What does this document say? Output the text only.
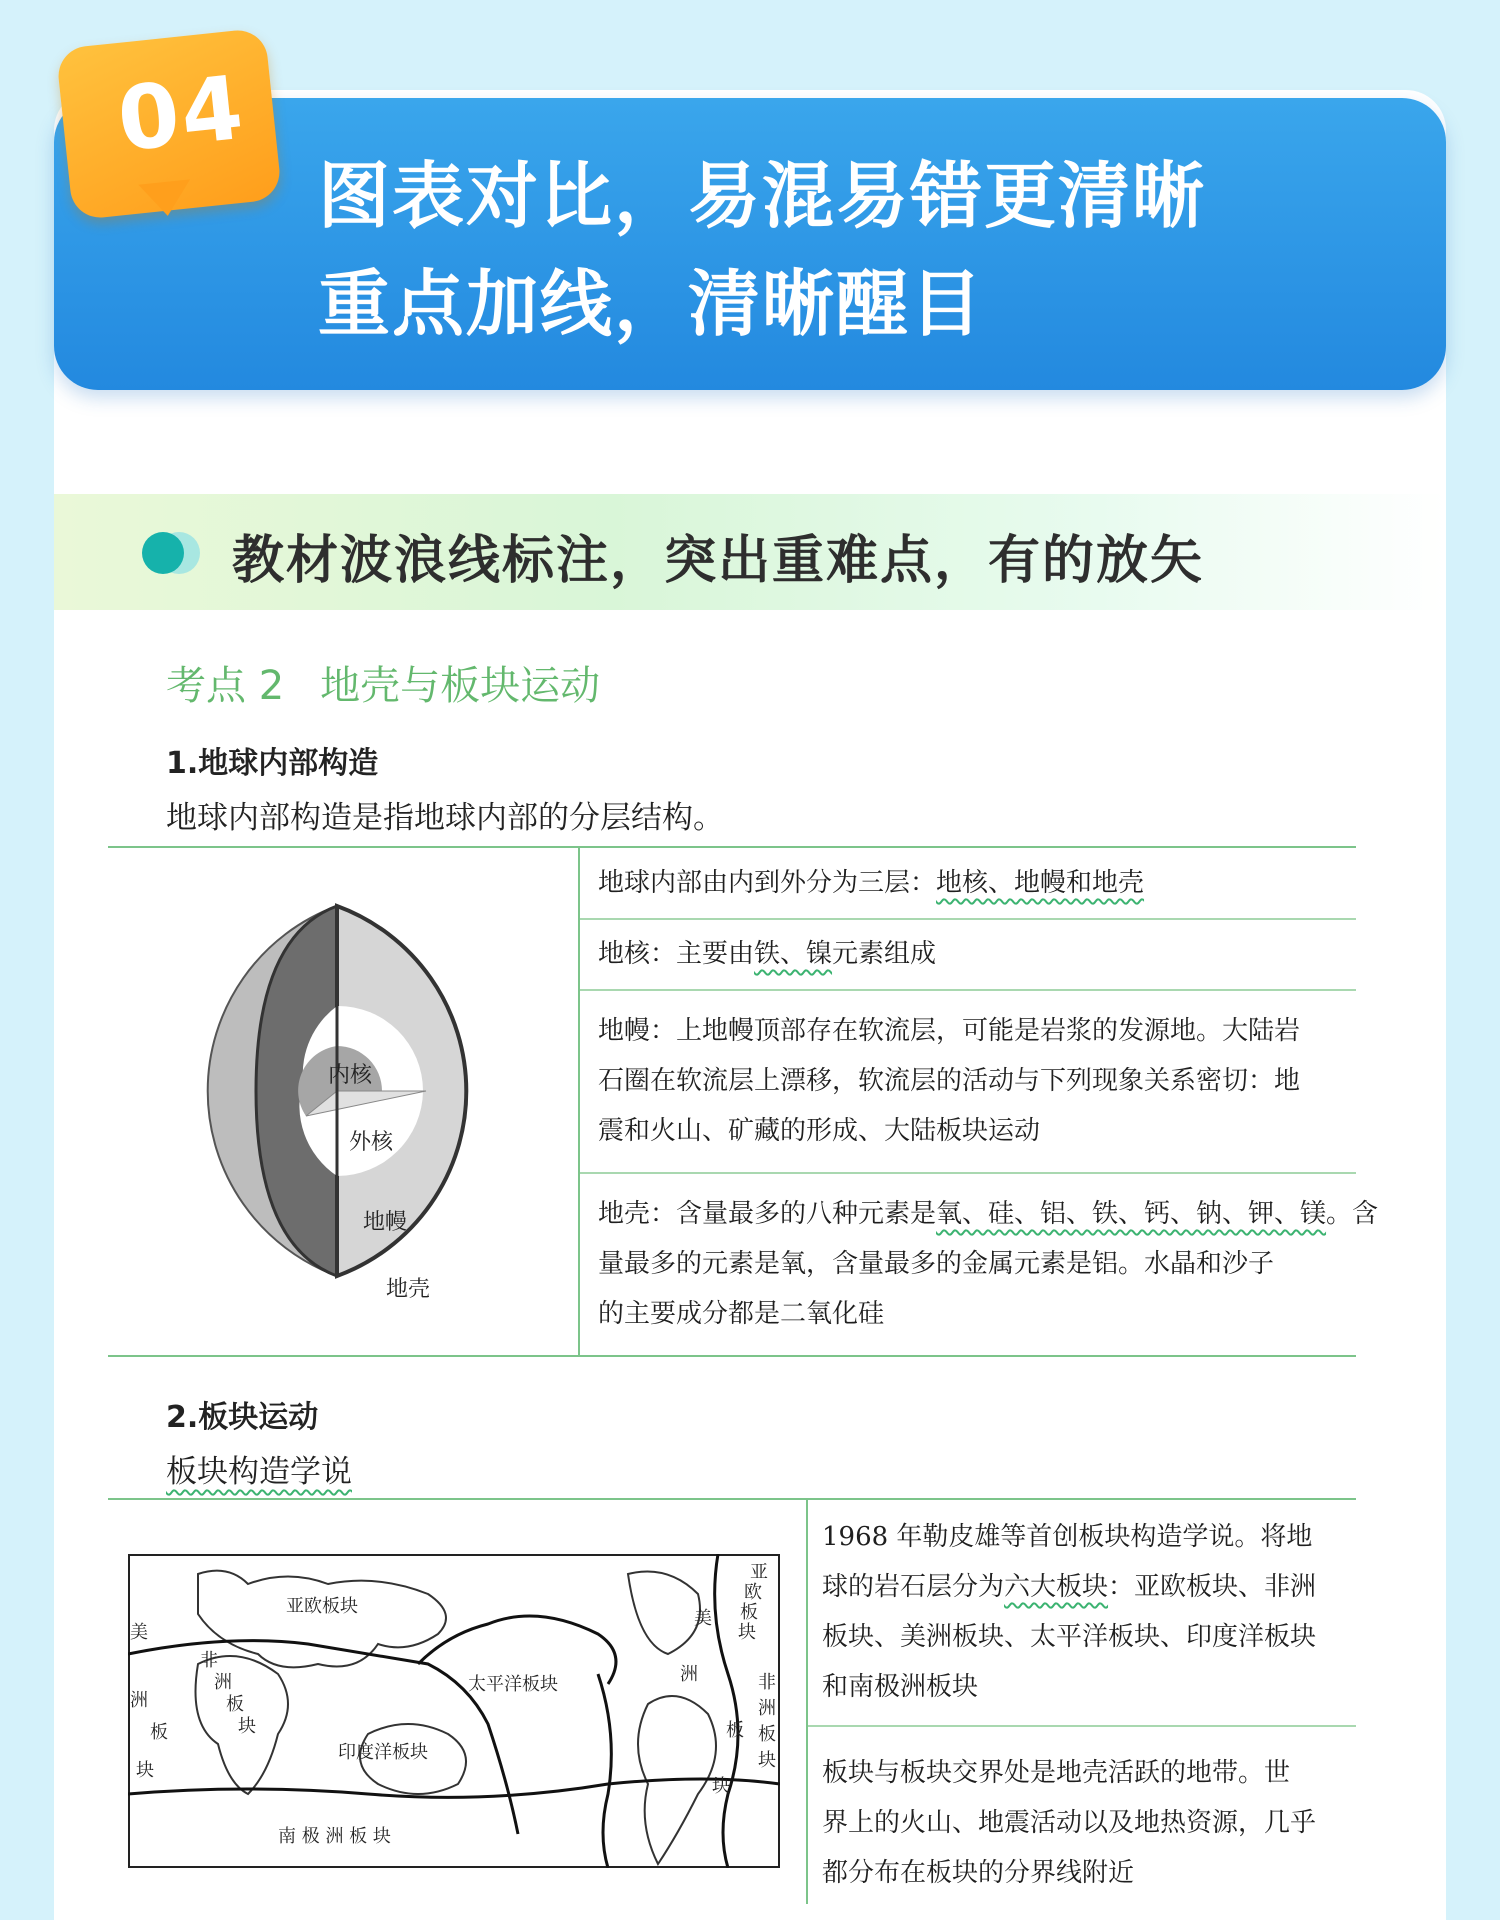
图表对比，易混易错更清晰
重点加线，清晰醒目
04
教材波浪线标注，突出重难点，有的放矢
考点 2 地壳与板块运动
1.地球内部构造
地球内部构造是指地球内部的分层结构。
内核
外核
地幔
地壳
地球内部由内到外分为三层：地核、地幔和地壳
地核：主要由铁、镍元素组成
地幔：上地幔顶部存在软流层，可能是岩浆的发源地。大陆岩
石圈在软流层上漂移，软流层的活动与下列现象关系密切：地
震和火山、矿藏的形成、大陆板块运动
地壳：含量最多的八种元素是氧、硅、铝、铁、钙、钠、钾、镁。含
量最多的元素是氧，含量最多的金属元素是铝。水晶和沙子
的主要成分都是二氧化硅
2.板块运动
板块构造学说
亚欧板块
太平洋板块
印度洋板块
南 极 洲 板 块
非
洲
板
块
美
洲
板
块
亚
欧
板
块
非
洲
板
块
美
洲
板
块
1968 年勒皮雄等首创板块构造学说。将地
球的岩石层分为六大板块：亚欧板块、非洲
板块、美洲板块、太平洋板块、印度洋板块
和南极洲板块
板块与板块交界处是地壳活跃的地带。世
界上的火山、地震活动以及地热资源，几乎
都分布在板块的分界线附近
